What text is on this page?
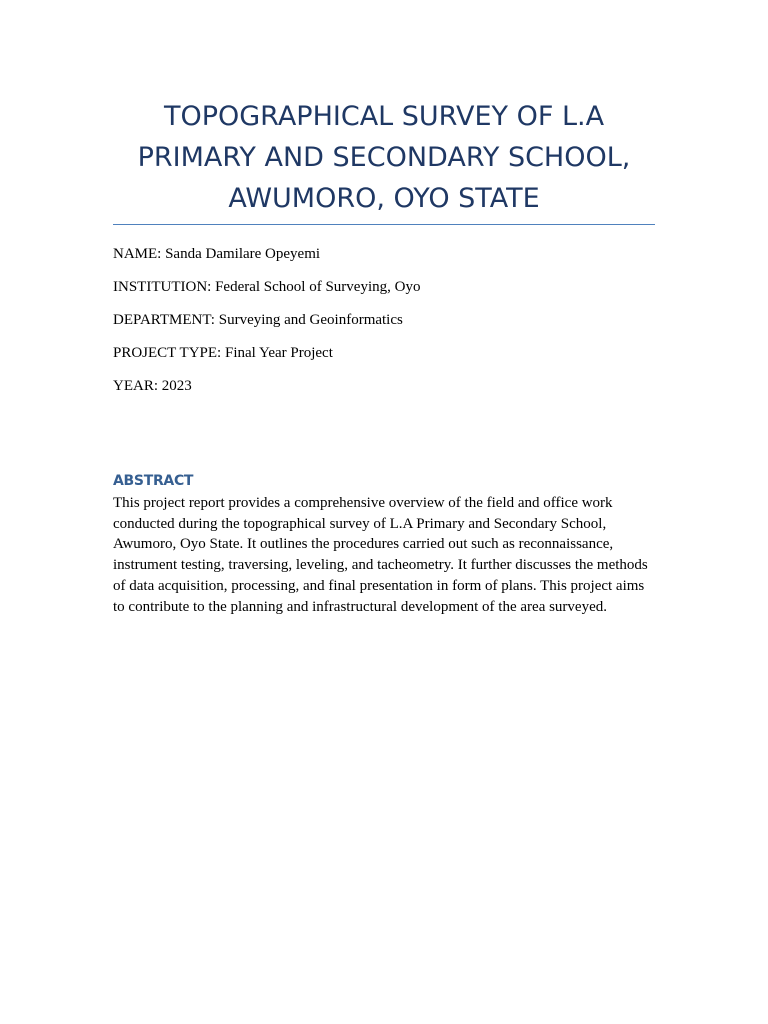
TOPOGRAPHICAL SURVEY OF L.A PRIMARY AND SECONDARY SCHOOL, AWUMORO, OYO STATE

NAME: Sanda Damilare Opeyemi

INSTITUTION: Federal School of Surveying, Oyo

DEPARTMENT: Surveying and Geoinformatics

PROJECT TYPE: Final Year Project

YEAR: 2023

ABSTRACT

This project report provides a comprehensive overview of the field and office work conducted during the topographical survey of L.A Primary and Secondary School, Awumoro, Oyo State. It outlines the procedures carried out such as reconnaissance, instrument testing, traversing, leveling, and tacheometry. It further discusses the methods of data acquisition, processing, and final presentation in form of plans. This project aims to contribute to the planning and infrastructural development of the area surveyed.
